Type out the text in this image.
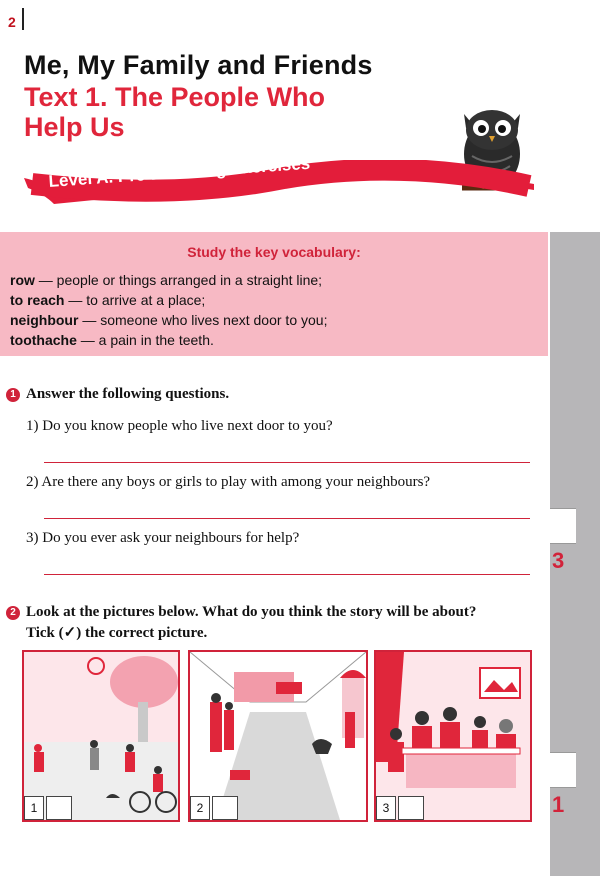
2
Me, My Family and Friends
Text 1. The People Who Help Us
Level A. Pre-Listening Exercises
3
1
Study the key vocabulary:
row — people or things arranged in a straight line;
to reach — to arrive at a place;
neighbour — someone who lives next door to you;
toothache — a pain in the teeth.
1 Answer the following questions.
1) Do you know people who live next door to you?
2) Are there any boys or girls to play with among your neighbours?
3) Do you ever ask your neighbours for help?
2 Look at the pictures below. What do you think the story will be about?
Tick (✓) the correct picture.
1	2	3
